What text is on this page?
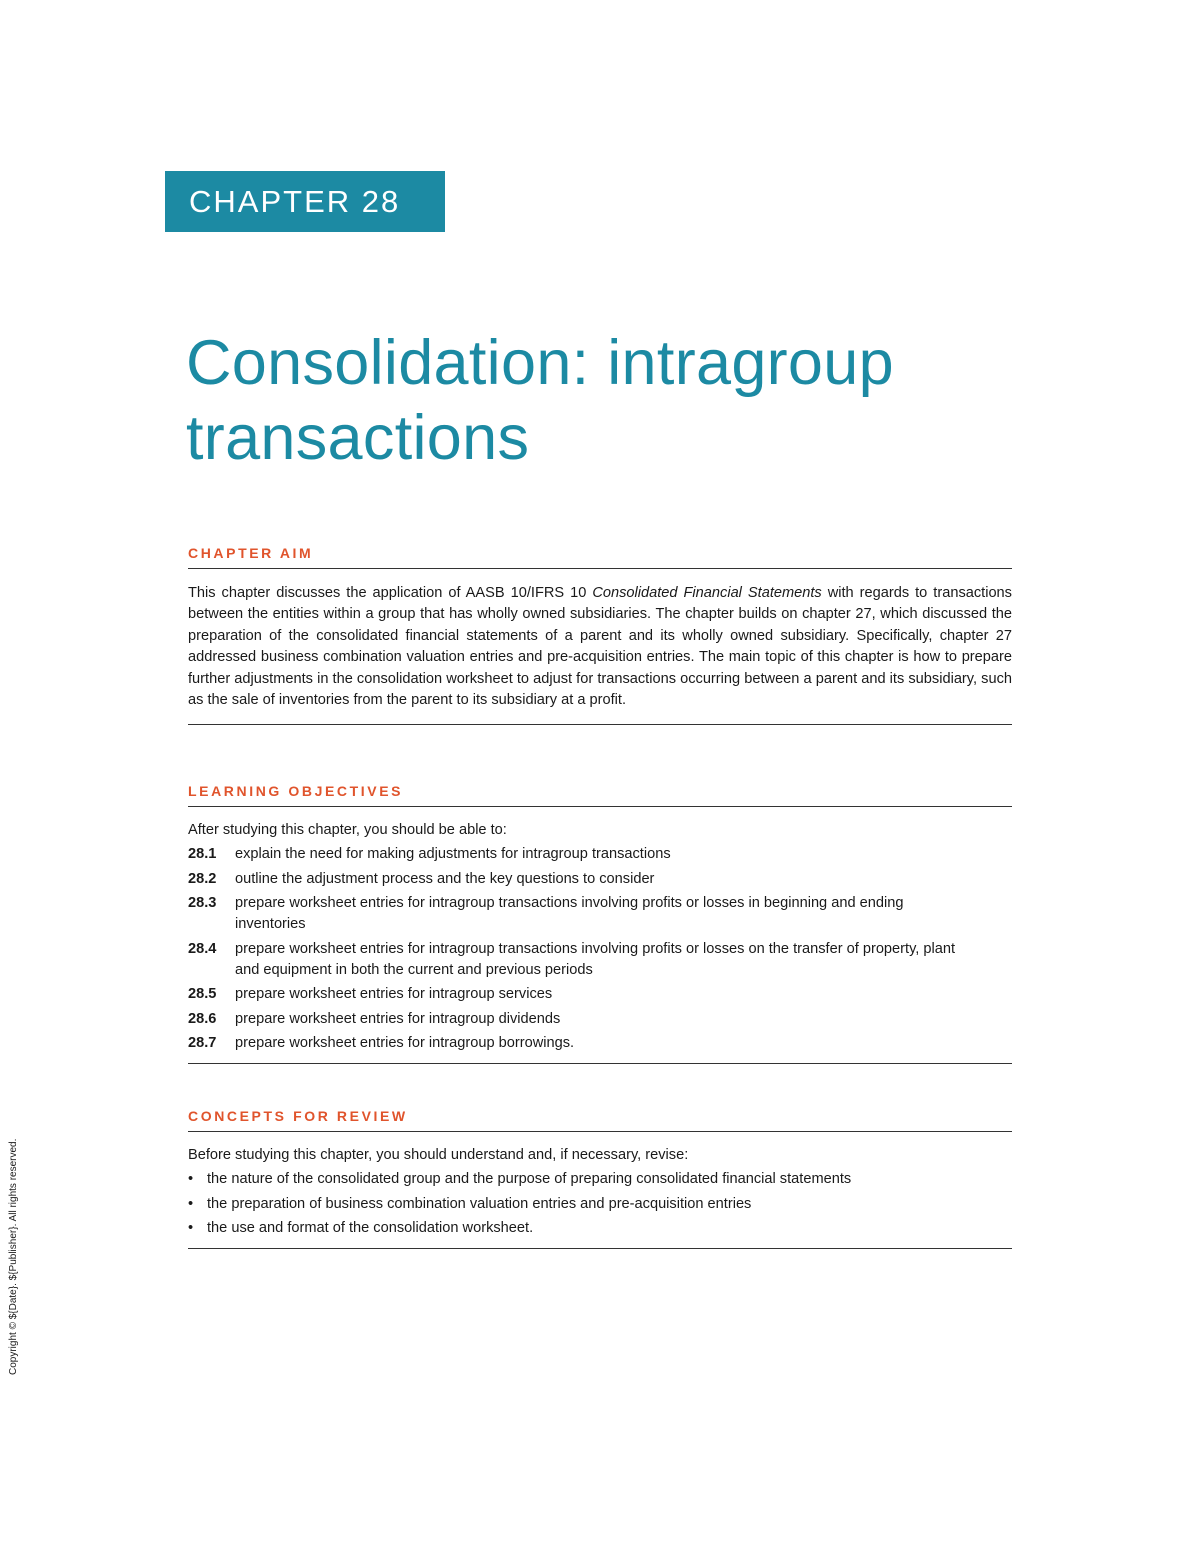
CHAPTER 28
Consolidation: intragroup transactions
CHAPTER AIM
This chapter discusses the application of AASB 10/IFRS 10 Consolidated Financial Statements with regards to transactions between the entities within a group that has wholly owned subsidiaries. The chapter builds on chapter 27, which discussed the preparation of the consolidated financial statements of a parent and its wholly owned subsidiary. Specifically, chapter 27 addressed business combination valuation entries and pre-acquisition entries. The main topic of this chapter is how to prepare further adjustments in the consolidation worksheet to adjust for transactions occurring between a parent and its subsidiary, such as the sale of inventories from the parent to its subsidiary at a profit.
LEARNING OBJECTIVES
After studying this chapter, you should be able to:
28.1	explain the need for making adjustments for intragroup transactions
28.2	outline the adjustment process and the key questions to consider
28.3	prepare worksheet entries for intragroup transactions involving profits or losses in beginning and ending inventories
28.4	prepare worksheet entries for intragroup transactions involving profits or losses on the transfer of property, plant and equipment in both the current and previous periods
28.5	prepare worksheet entries for intragroup services
28.6	prepare worksheet entries for intragroup dividends
28.7	prepare worksheet entries for intragroup borrowings.
CONCEPTS FOR REVIEW
Before studying this chapter, you should understand and, if necessary, revise:
• the nature of the consolidated group and the purpose of preparing consolidated financial statements
• the preparation of business combination valuation entries and pre-acquisition entries
• the use and format of the consolidation worksheet.
Copyright © ${Date}. ${Publisher}. All rights reserved.
